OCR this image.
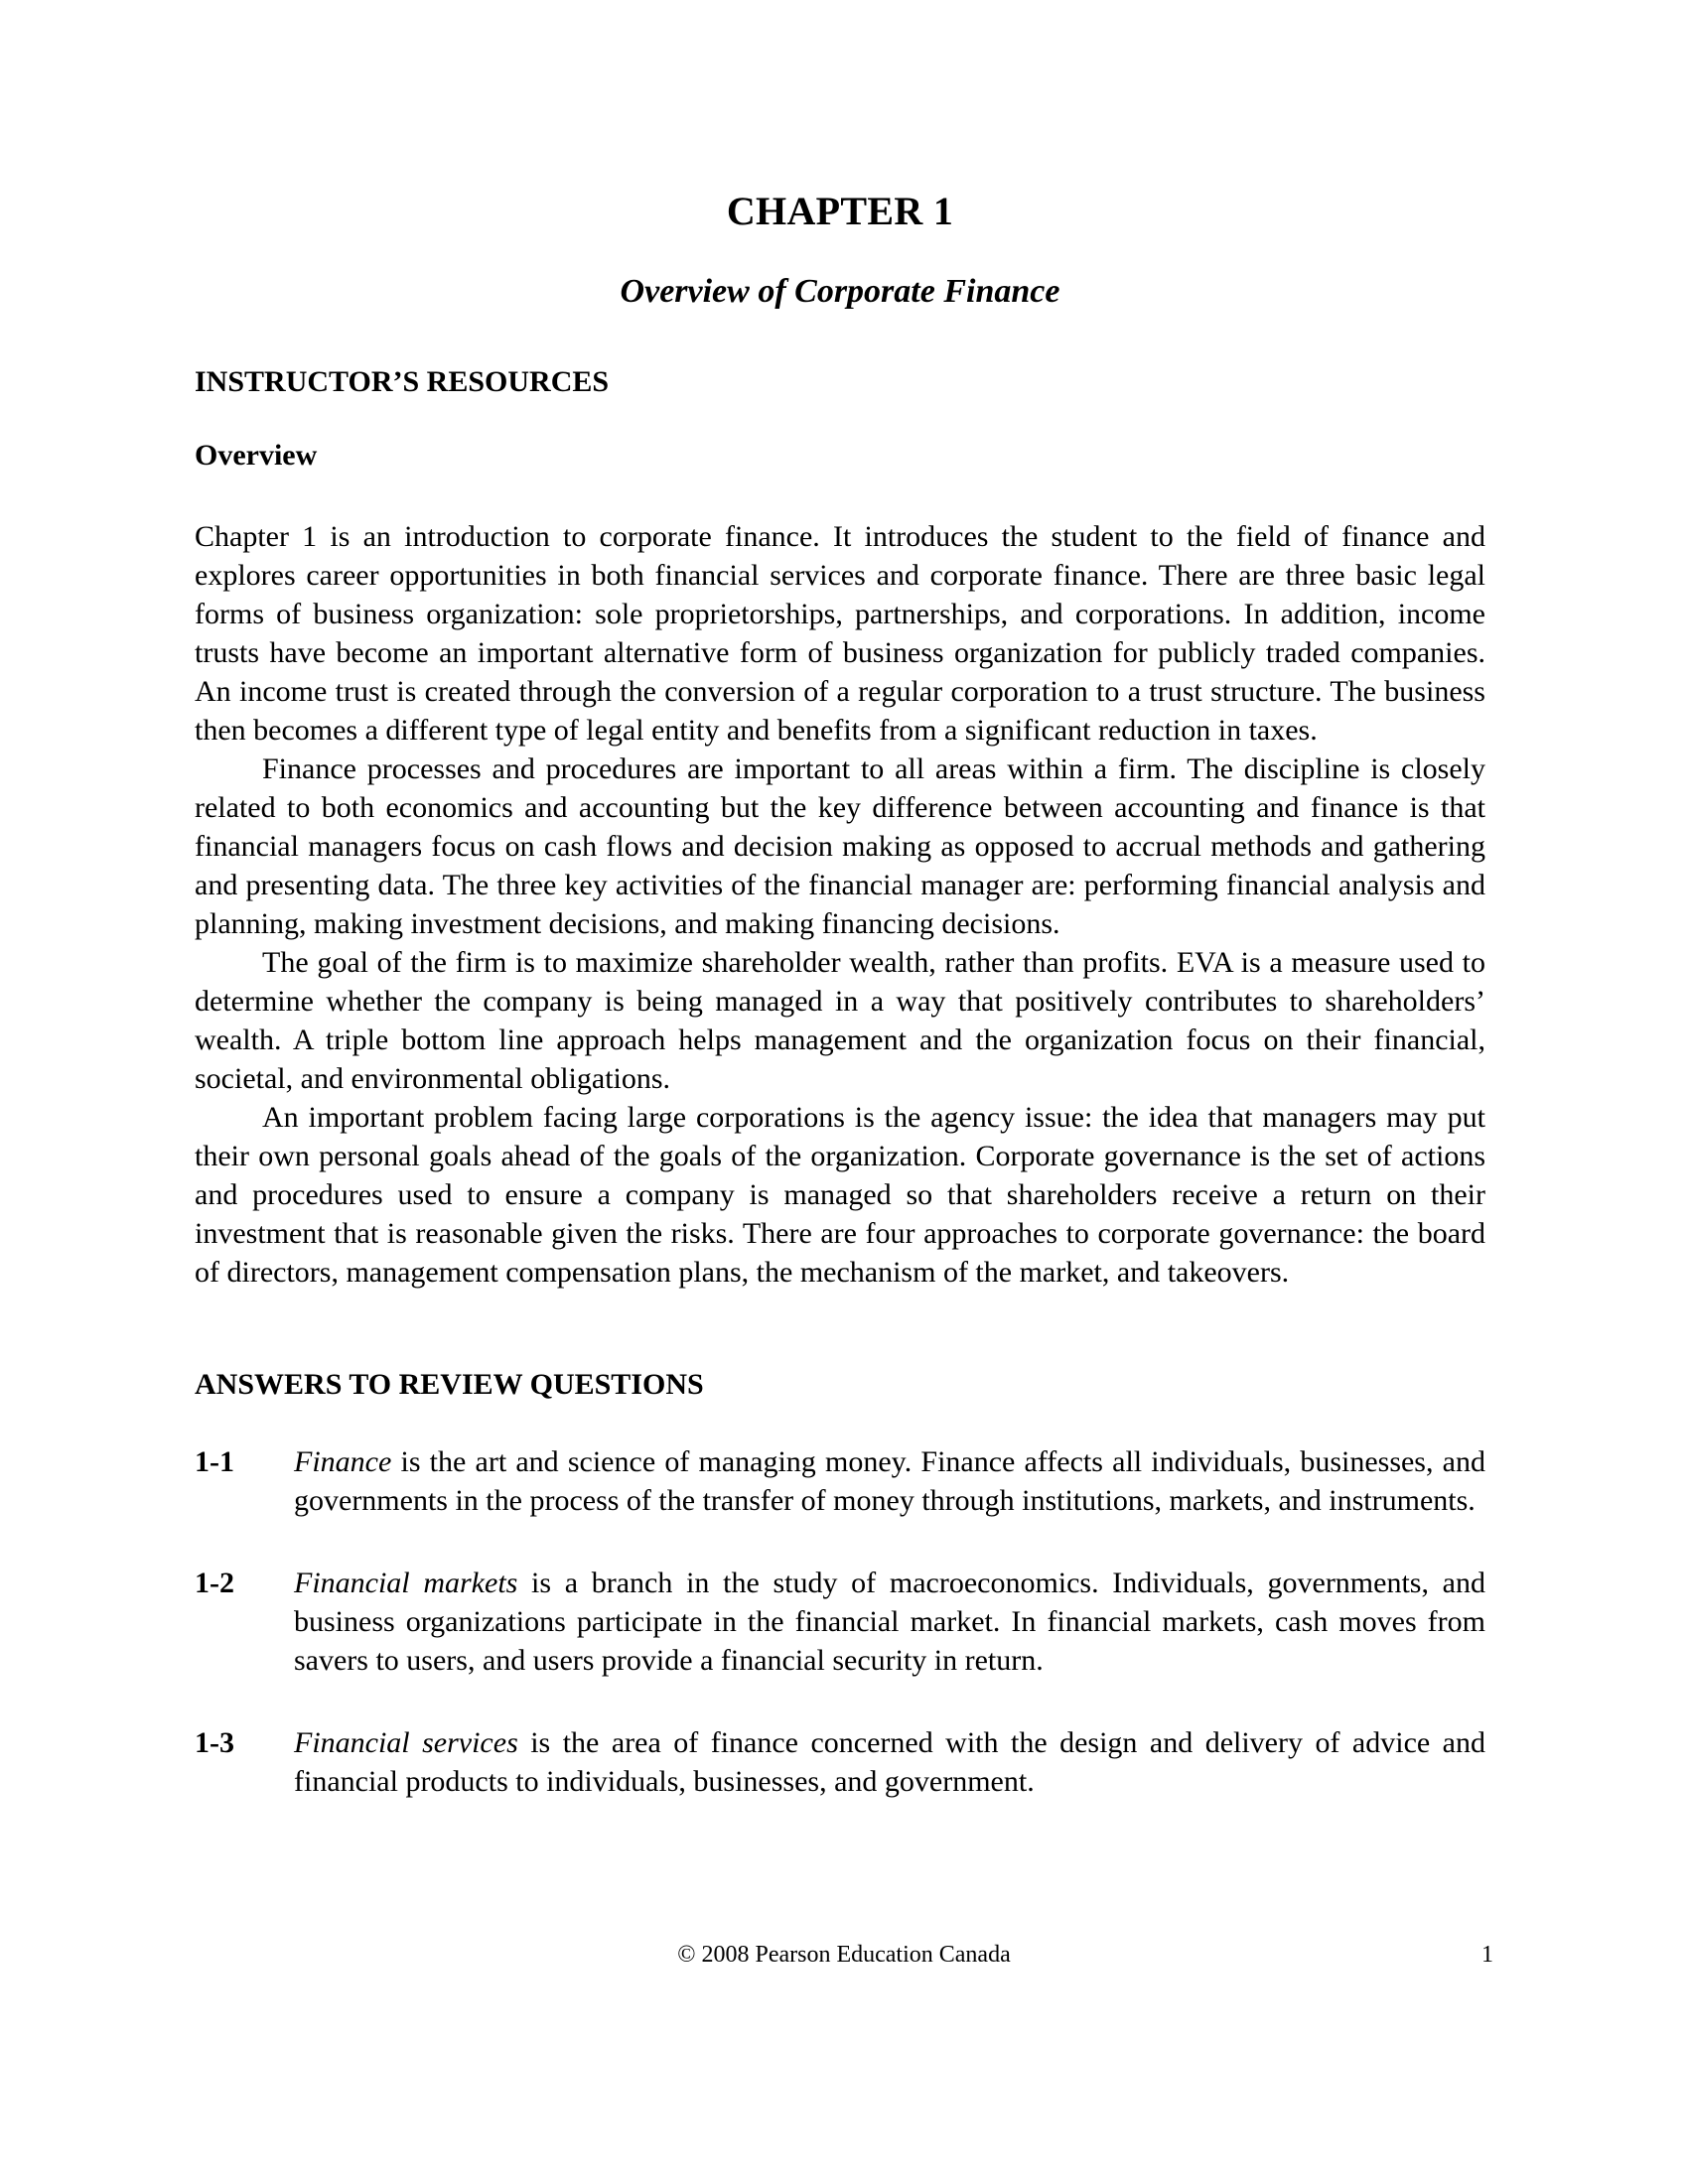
CHAPTER 1
Overview of Corporate Finance
INSTRUCTOR’S RESOURCES
Overview

Chapter 1 is an introduction to corporate finance. It introduces the student to the field of finance and explores career opportunities in both financial services and corporate finance. There are three basic legal forms of business organization: sole proprietorships, partnerships, and corporations. In addition, income trusts have become an important alternative form of business organization for publicly traded companies. An income trust is created through the conversion of a regular corporation to a trust structure. The business then becomes a different type of legal entity and benefits from a significant reduction in taxes.

Finance processes and procedures are important to all areas within a firm. The discipline is closely related to both economics and accounting but the key difference between accounting and finance is that financial managers focus on cash flows and decision making as opposed to accrual methods and gathering and presenting data. The three key activities of the financial manager are: performing financial analysis and planning, making investment decisions, and making financing decisions.

The goal of the firm is to maximize shareholder wealth, rather than profits. EVA is a measure used to determine whether the company is being managed in a way that positively contributes to shareholders’ wealth. A triple bottom line approach helps management and the organization focus on their financial, societal, and environmental obligations.

An important problem facing large corporations is the agency issue: the idea that managers may put their own personal goals ahead of the goals of the organization. Corporate governance is the set of actions and procedures used to ensure a company is managed so that shareholders receive a return on their investment that is reasonable given the risks. There are four approaches to corporate governance: the board of directors, management compensation plans, the mechanism of the market, and takeovers.

ANSWERS TO REVIEW QUESTIONS
1-1	Finance is the art and science of managing money. Finance affects all individuals, businesses, and governments in the process of the transfer of money through institutions, markets, and instruments.
1-2	Financial markets is a branch in the study of macroeconomics. Individuals, governments, and business organizations participate in the financial market. In financial markets, cash moves from savers to users, and users provide a financial security in return.
1-3	Financial services is the area of finance concerned with the design and delivery of advice and financial products to individuals, businesses, and government.
© 2008 Pearson Education Canada	1
